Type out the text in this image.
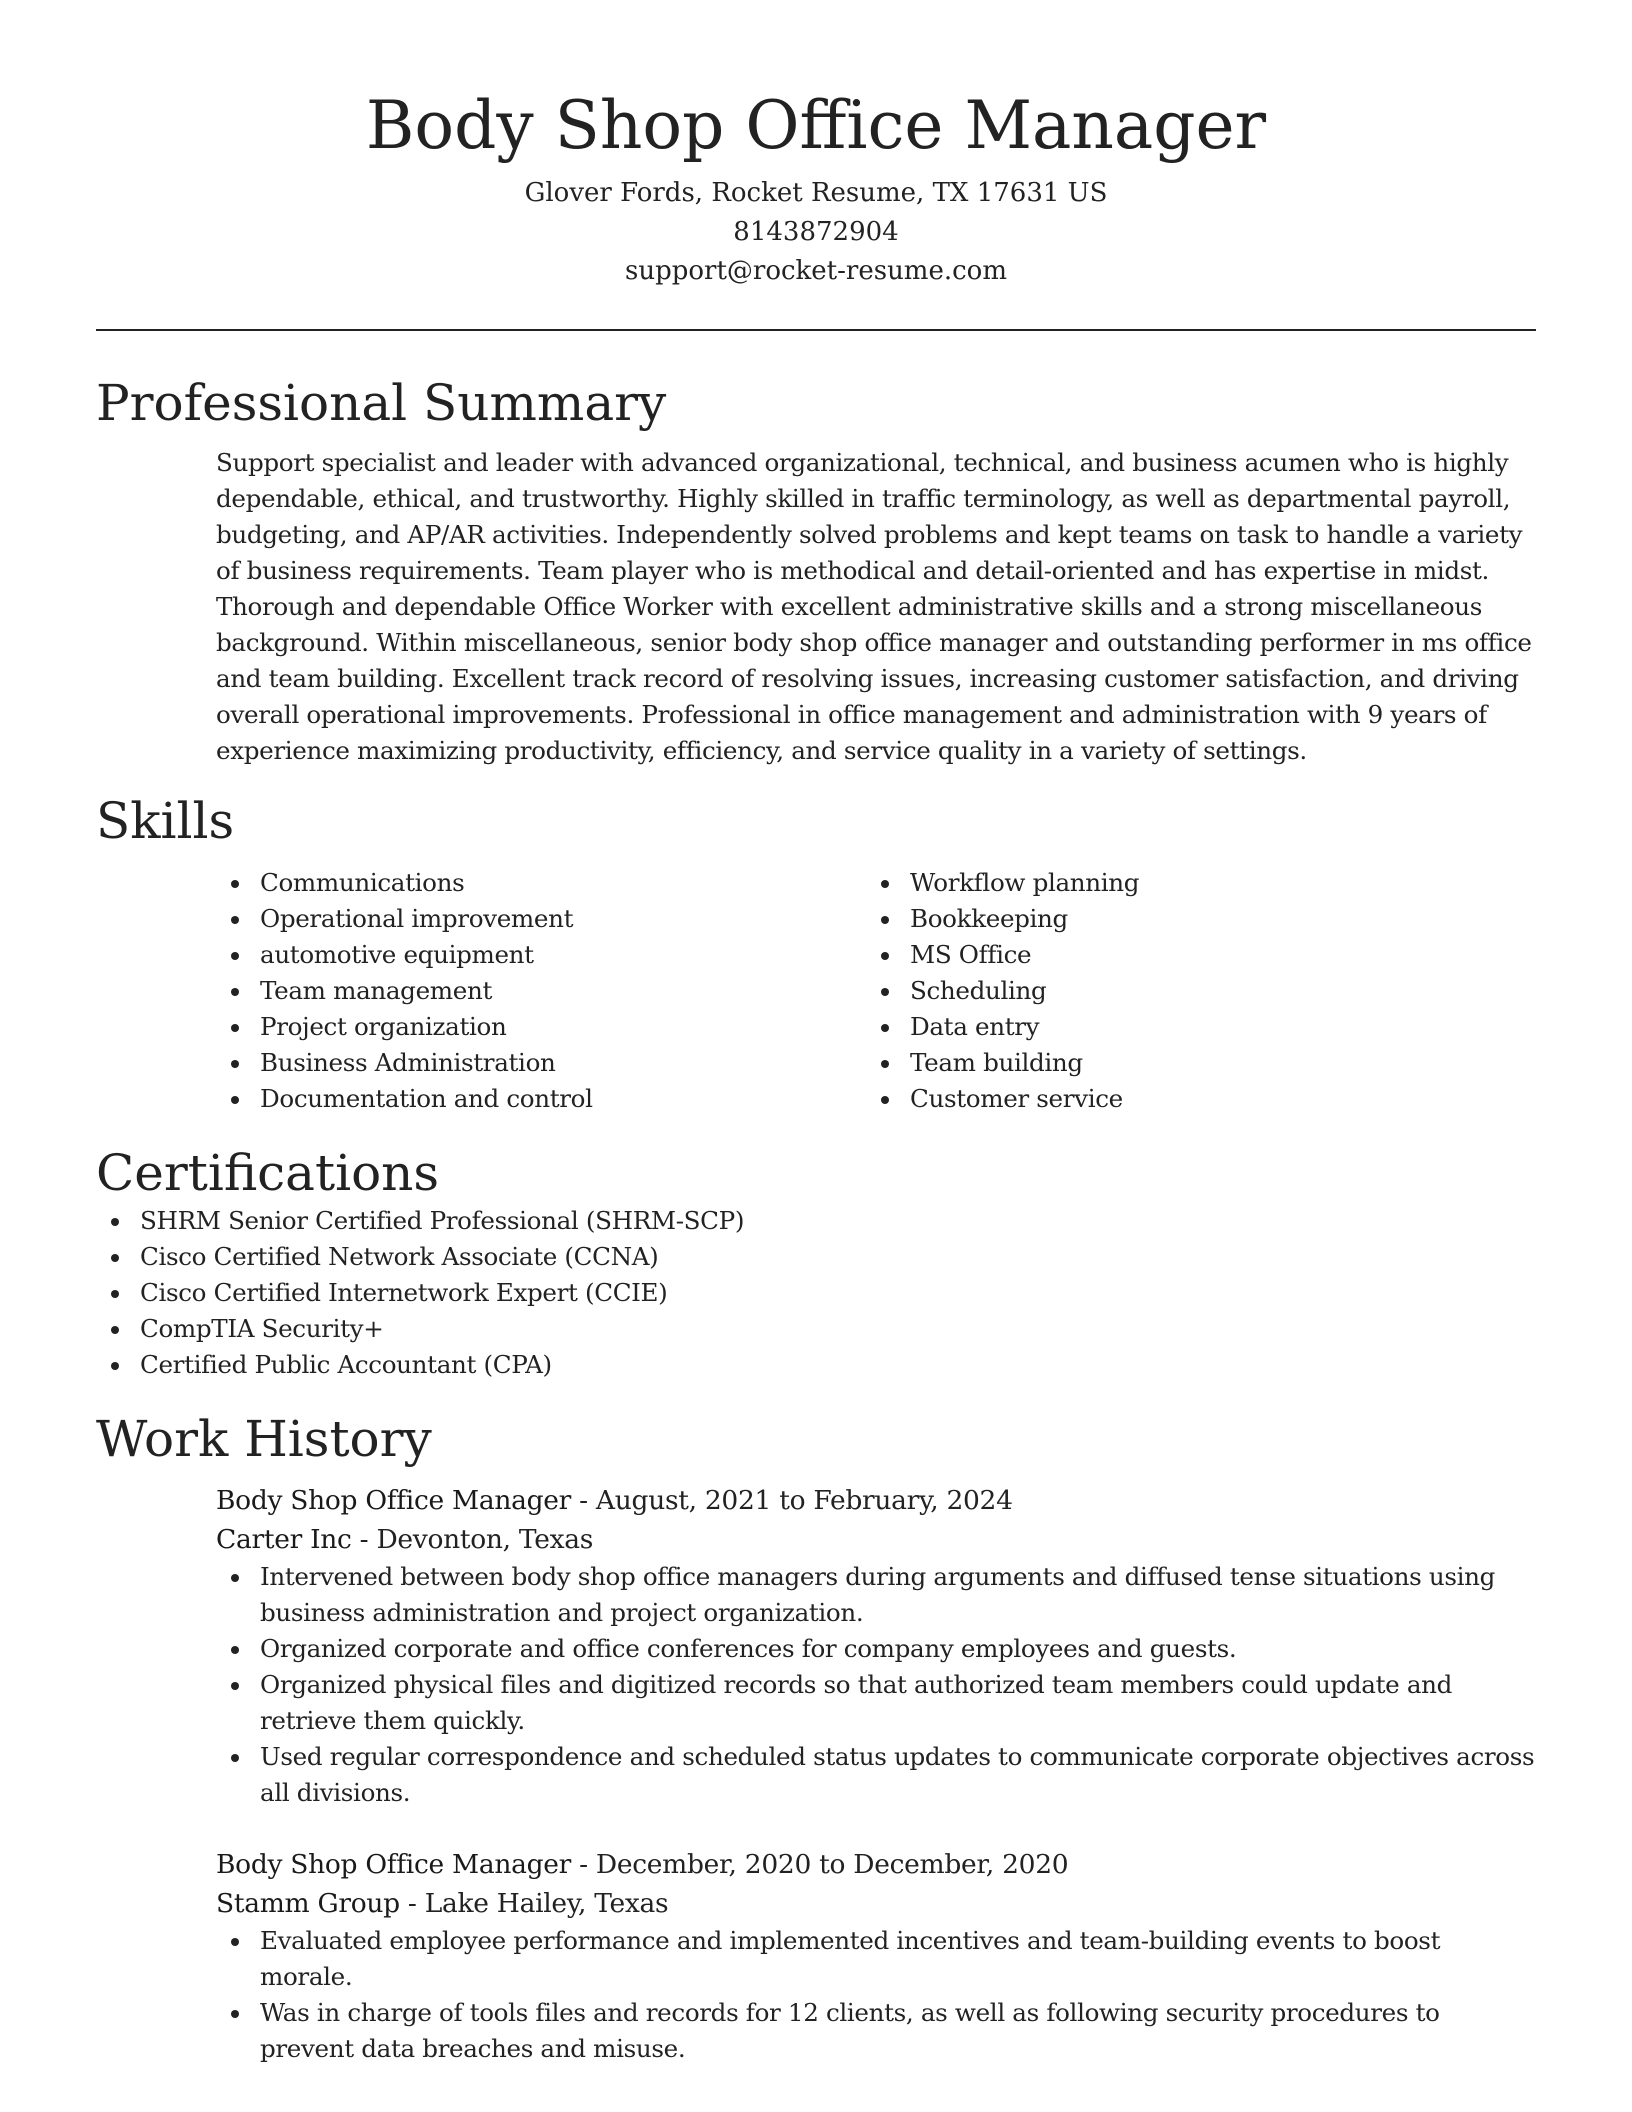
Body Shop Office Manager
Glover Fords, Rocket Resume, TX 17631 US
8143872904
support@rocket-resume.com
Professional Summary
Support specialist and leader with advanced organizational, technical, and business acumen who is highly dependable, ethical, and trustworthy. Highly skilled in traffic terminology, as well as departmental payroll, budgeting, and AP/AR activities. Independently solved problems and kept teams on task to handle a variety of business requirements. Team player who is methodical and detail-oriented and has expertise in midst. Thorough and dependable Office Worker with excellent administrative skills and a strong miscellaneous background. Within miscellaneous, senior body shop office manager and outstanding performer in ms office and team building. Excellent track record of resolving issues, increasing customer satisfaction, and driving overall operational improvements. Professional in office management and administration with 9 years of experience maximizing productivity, efficiency, and service quality in a variety of settings.
Skills
Communications
Operational improvement
automotive equipment
Team management
Project organization
Business Administration
Documentation and control
Workflow planning
Bookkeeping
MS Office
Scheduling
Data entry
Team building
Customer service
Certifications
SHRM Senior Certified Professional (SHRM-SCP)
Cisco Certified Network Associate (CCNA)
Cisco Certified Internetwork Expert (CCIE)
CompTIA Security+
Certified Public Accountant (CPA)
Work History
Body Shop Office Manager - August, 2021 to February, 2024
Carter Inc - Devonton, Texas
Intervened between body shop office managers during arguments and diffused tense situations using business administration and project organization.
Organized corporate and office conferences for company employees and guests.
Organized physical files and digitized records so that authorized team members could update and retrieve them quickly.
Used regular correspondence and scheduled status updates to communicate corporate objectives across all divisions.
Body Shop Office Manager - December, 2020 to December, 2020
Stamm Group - Lake Hailey, Texas
Evaluated employee performance and implemented incentives and team-building events to boost morale.
Was in charge of tools files and records for 12 clients, as well as following security procedures to prevent data breaches and misuse.
